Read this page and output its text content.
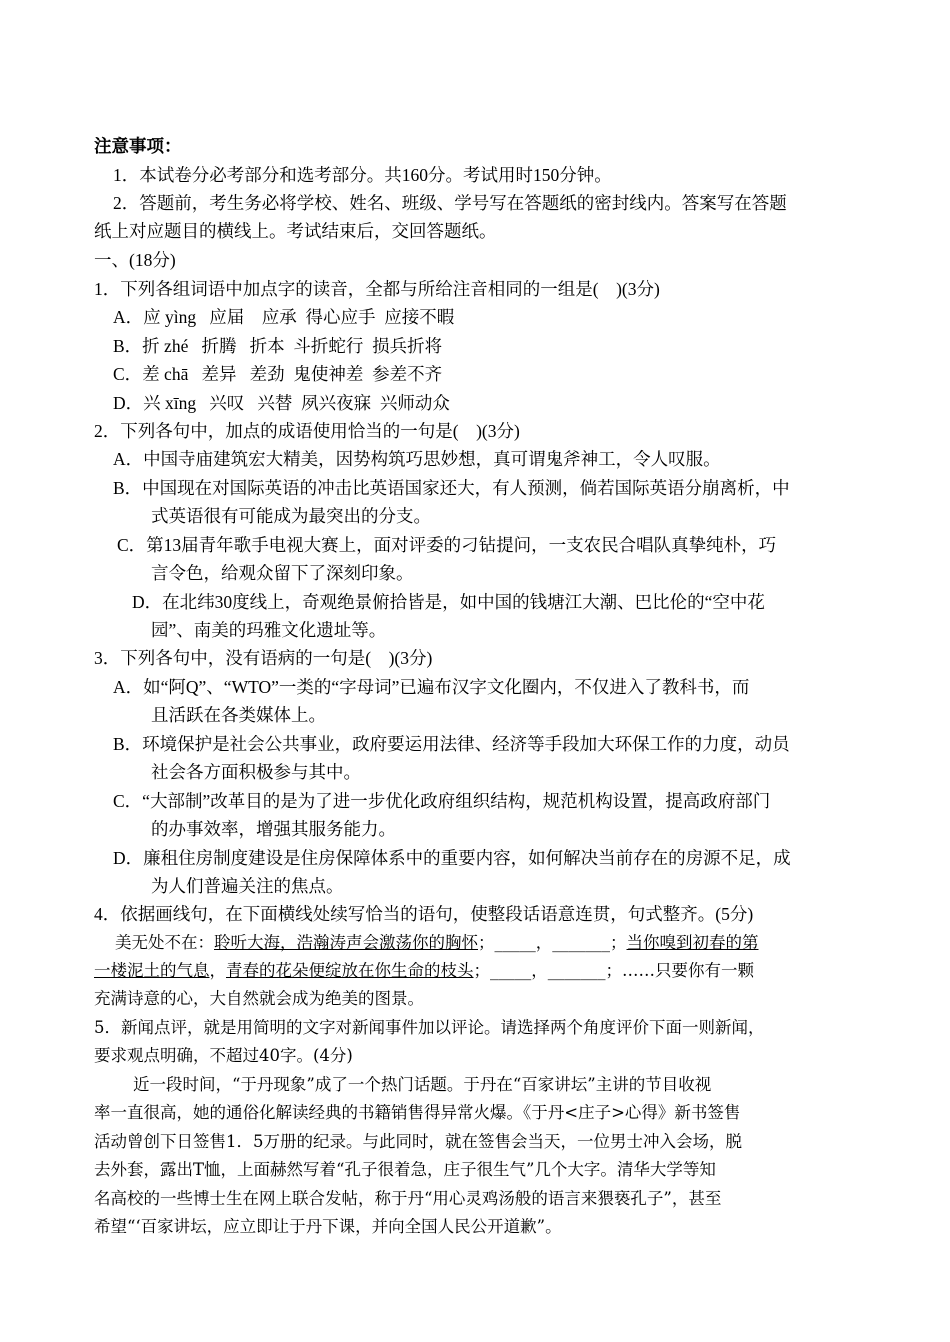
注意事项：
1．本试卷分必考部分和选考部分。共160分。考试用时150分钟。
2．答题前，考生务必将学校、姓名、班级、学号写在答题纸的密封线内。答案写在答题
纸上对应题目的横线上。考试结束后，交回答题纸。
一、(18分)
1．下列各组词语中加点字的读音，全都与所给注音相同的一组是(　)(3分)
A．应 yìng 应届 应承 得心应手 应接不暇
B．折 zhé 折腾 折本 斗折蛇行 损兵折将
C．差 chā 差异 差劲 鬼使神差 参差不齐
D．兴 xīng 兴叹 兴替 夙兴夜寐 兴师动众
2．下列各句中，加点的成语使用恰当的一句是(　)(3分)
A．中国寺庙建筑宏大精美，因势构筑巧思妙想，真可谓鬼斧神工，令人叹服。
B．中国现在对国际英语的冲击比英语国家还大，有人预测，倘若国际英语分崩离析，中
式英语很有可能成为最突出的分支。
C．第13届青年歌手电视大赛上，面对评委的刁钻提问，一支农民合唱队真挚纯朴，巧
言令色，给观众留下了深刻印象。
D．在北纬30度线上，奇观绝景俯拾皆是，如中国的钱塘江大潮、巴比伦的“空中花
园”、南美的玛雅文化遗址等。
3．下列各句中，没有语病的一句是(　)(3分)
A．如“阿Q”、“WTO”一类的“字母词”已遍布汉字文化圈内，不仅进入了教科书，而
且活跃在各类媒体上。
B．环境保护是社会公共事业，政府要运用法律、经济等手段加大环保工作的力度，动员
社会各方面积极参与其中。
C．“大部制”改革目的是为了进一步优化政府组织结构，规范机构设置，提高政府部门
的办事效率，增强其服务能力。
D．廉租住房制度建设是住房保障体系中的重要内容，如何解决当前存在的房源不足，成
为人们普遍关注的焦点。
4．依据画线句，在下面横线处续写恰当的语句，使整段话语意连贯，句式整齐。(5分)
美无处不在：聆听大海，浩瀚涛声会激荡你的胸怀；_____，_______；当你嗅到初春的第
一楼泥土的气息，青春的花朵便绽放在你生命的枝头；_____，_______；……只要你有一颗
充满诗意的心，大自然就会成为绝美的图景。
5．新闻点评，就是用简明的文字对新闻事件加以评论。请选择两个角度评价下面一则新闻，
要求观点明确，不超过40字。(4分)
近一段时间，“于丹现象”成了一个热门话题。于丹在“百家讲坛”主讲的节目收视
率一直很高，她的通俗化解读经典的书籍销售得异常火爆。《于丹<庄子>心得》新书签售
活动曾创下日签售1．5万册的纪录。与此同时，就在签售会当天，一位男士冲入会场，脱
去外套，露出T恤，上面赫然写着“孔子很着急，庄子很生气”几个大字。清华大学等知
名高校的一些博士生在网上联合发帖，称于丹“用心灵鸡汤般的语言来猥亵孔子”，甚至
希望“‘百家讲坛，应立即让于丹下课，并向全国人民公开道歉”。
